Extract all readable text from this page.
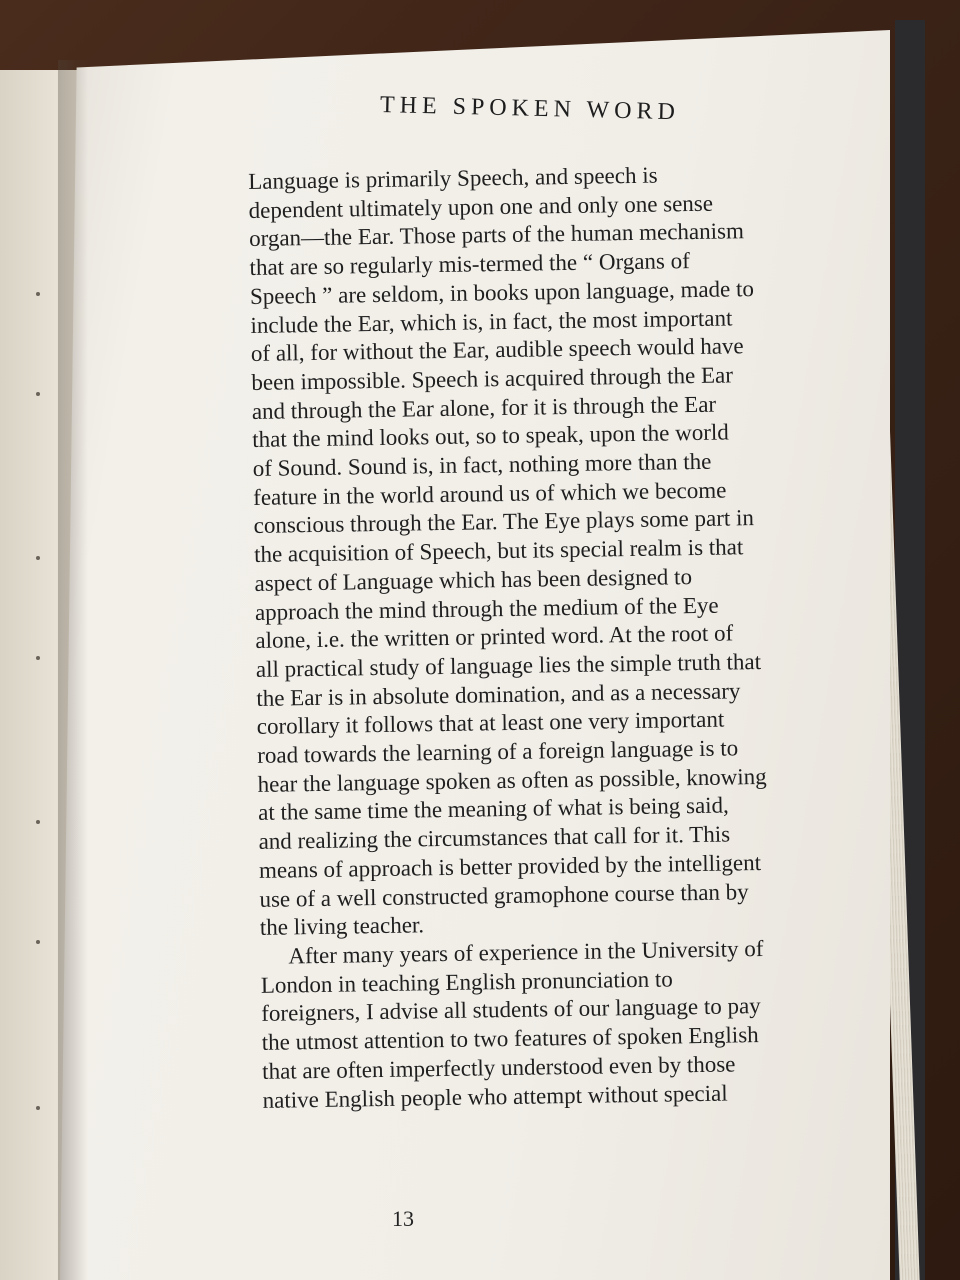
THE SPOKEN WORD
Language is primarily Speech, and speech is
dependent ultimately upon one and only one sense
organ—the Ear. Those parts of the human mechanism
that are so regularly mis-termed the “ Organs of
Speech ” are seldom, in books upon language, made to
include the Ear, which is, in fact, the most important
of all, for without the Ear, audible speech would have
been impossible. Speech is acquired through the Ear
and through the Ear alone, for it is through the Ear
that the mind looks out, so to speak, upon the world
of Sound. Sound is, in fact, nothing more than the
feature in the world around us of which we become
conscious through the Ear. The Eye plays some part in
the acquisition of Speech, but its special realm is that
aspect of Language which has been designed to
approach the mind through the medium of the Eye
alone, i.e. the written or printed word. At the root of
all practical study of language lies the simple truth that
the Ear is in absolute domination, and as a necessary
corollary it follows that at least one very important
road towards the learning of a foreign language is to
hear the language spoken as often as possible, knowing
at the same time the meaning of what is being said,
and realizing the circumstances that call for it. This
means of approach is better provided by the intelligent
use of a well constructed gramophone course than by
the living teacher.
After many years of experience in the University of
London in teaching English pronunciation to
foreigners, I advise all students of our language to pay
the utmost attention to two features of spoken English
that are often imperfectly understood even by those
native English people who attempt without special
13
